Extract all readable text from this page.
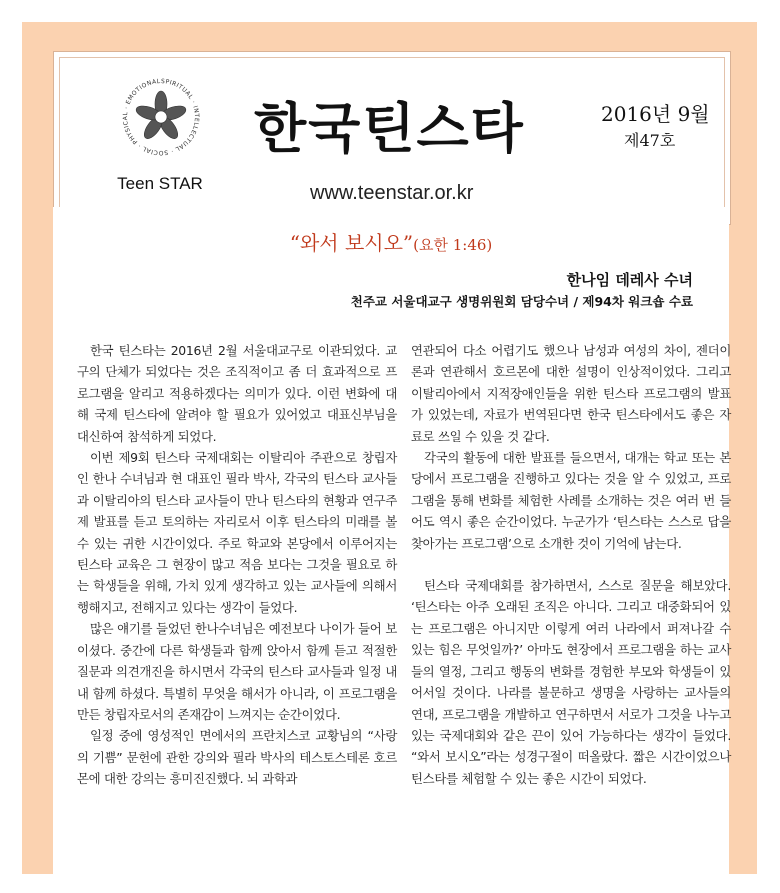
SPIRITUAL · INTELLECTUAL · SOCIAL · PHYSICAL · EMOTIONAL
Teen STAR
한국틴스타	2016년 9월
제47호
www.teenstar.or.kr
“와서 보시오”(요한 1:46)
한나임 데레사 수녀
천주교 서울대교구 생명위원회 담당수녀 / 제94차 워크숍 수료

한국 틴스타는 2016년 2월 서울대교구로 이관되었다. 교구의 단체가 되었다는 것은 조직적이고 좀 더 효과적으로 프로그램을 알리고 적용하겠다는 의미가 있다. 이런 변화에 대해 국제 틴스타에 알려야 할 필요가 있어었고 대표신부님을 대신하여 참석하게 되었다.

이번 제9회 틴스타 국제대회는 이탈리아 주관으로 창립자인 한나 수녀님과 현 대표인 필라 박사, 각국의 틴스타 교사들과 이탈리아의 틴스타 교사들이 만나 틴스타의 현황과 연구주제 발표를 듣고 토의하는 자리로서 이후 틴스타의 미래를 볼 수 있는 귀한 시간이었다. 주로 학교와 본당에서 이루어지는 틴스타 교육은 그 현장이 많고 적음 보다는 그것을 필요로 하는 학생들을 위해, 가치 있게 생각하고 있는 교사들에 의해서 행해지고, 전해지고 있다는 생각이 들었다.

많은 얘기를 들었던 한나수녀님은 예전보다 나이가 들어 보이셨다. 중간에 다른 학생들과 함께 앉아서 함께 듣고 적절한 질문과 의견개진을 하시면서 각국의 틴스타 교사들과 일정 내내 함께 하셨다. 특별히 무엇을 해서가 아니라, 이 프로그램을 만든 창립자로서의 존재감이 느껴지는 순간이었다.

일정 중에 영성적인 면에서의 프란치스코 교황님의 “사랑의 기쁨” 문헌에 관한 강의와 필라 박사의 테스토스테론 호르몬에 대한 강의는 흥미진진했다. 뇌 과학과

연관되어 다소 어렵기도 했으나 남성과 여성의 차이, 젠더이론과 연관해서 호르몬에 대한 설명이 인상적이었다. 그리고 이탈리아에서 지적장애인들을 위한 틴스타 프로그램의 발표가 있었는데, 자료가 번역된다면 한국 틴스타에서도 좋은 자료로 쓰일 수 있을 것 같다.

각국의 활동에 대한 발표를 들으면서, 대개는 학교 또는 본당에서 프로그램을 진행하고 있다는 것을 알 수 있었고, 프로그램을 통해 변화를 체험한 사례를 소개하는 것은 여러 번 들어도 역시 좋은 순간이었다. 누군가가 ‘틴스타는 스스로 답을 찾아가는 프로그램’으로 소개한 것이 기억에 남는다.

틴스타 국제대회를 참가하면서, 스스로 질문을 해보았다. ‘틴스타는 아주 오래된 조직은 아니다. 그리고 대중화되어 있는 프로그램은 아니지만 이렇게 여러 나라에서 퍼져나갈 수 있는 힘은 무엇일까?’ 아마도 현장에서 프로그램을 하는 교사들의 열정, 그리고 행동의 변화를 경험한 부모와 학생들이 있어서일 것이다. 나라를 불문하고 생명을 사랑하는 교사들의 연대, 프로그램을 개발하고 연구하면서 서로가 그것을 나누고 있는 국제대회와 같은 끈이 있어 가능하다는 생각이 들었다. “와서 보시오”라는 성경구절이 떠올랐다. 짧은 시간이었으나 틴스타를 체험할 수 있는 좋은 시간이 되었다.
